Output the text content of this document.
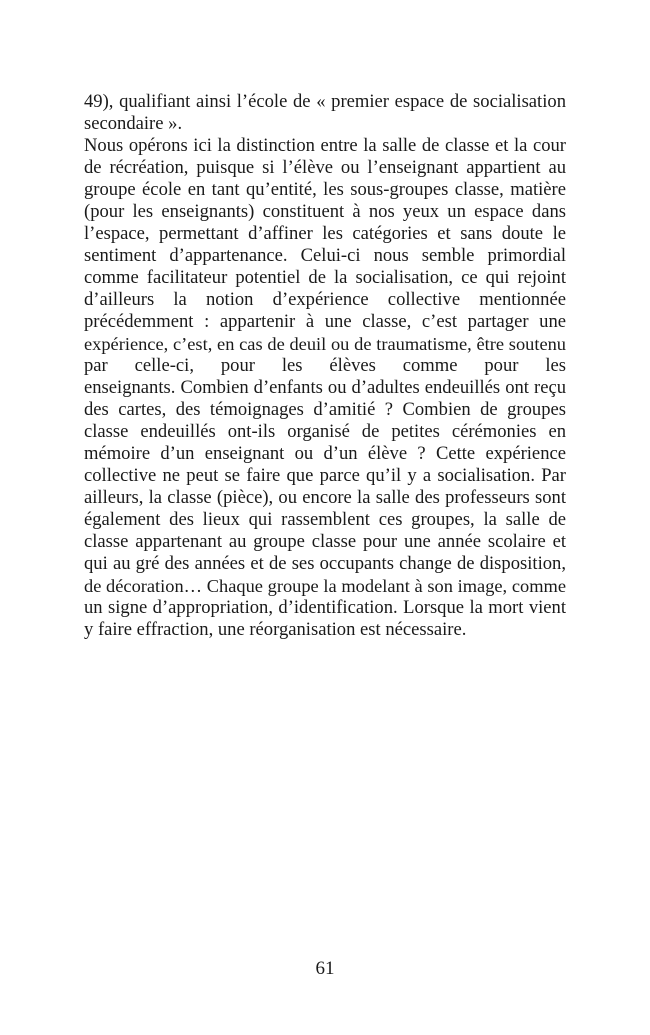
49), qualifiant ainsi l’école de « premier espace de socialisation
secondaire ».

Nous opérons ici la distinction entre la salle de classe et la cour
de récréation, puisque si l’élève ou l’enseignant appartient au
groupe école en tant qu’entité, les sous-groupes classe, matière
(pour les enseignants) constituent à nos yeux un espace dans
l’espace, permettant d’affiner les catégories et sans doute le
sentiment d’appartenance. Celui-ci nous semble primordial
comme facilitateur potentiel de la socialisation, ce qui rejoint
d’ailleurs la notion d’expérience collective mentionnée
précédemment : appartenir à une classe, c’est partager une
expérience, c’est, en cas de deuil ou de traumatisme, être soutenu
par celle-ci, pour les élèves comme pour les
enseignants. Combien d’enfants ou d’adultes endeuillés ont reçu
des cartes, des témoignages d’amitié ? Combien de groupes
classe endeuillés ont-ils organisé de petites cérémonies en
mémoire d’un enseignant ou d’un élève ? Cette expérience
collective ne peut se faire que parce qu’il y a socialisation. Par
ailleurs, la classe (pièce), ou encore la salle des professeurs sont
également des lieux qui rassemblent ces groupes, la salle de
classe appartenant au groupe classe pour une année scolaire et
qui au gré des années et de ses occupants change de disposition,
de décoration… Chaque groupe la modelant à son image, comme
un signe d’appropriation, d’identification. Lorsque la mort vient
y faire effraction, une réorganisation est nécessaire.

61
